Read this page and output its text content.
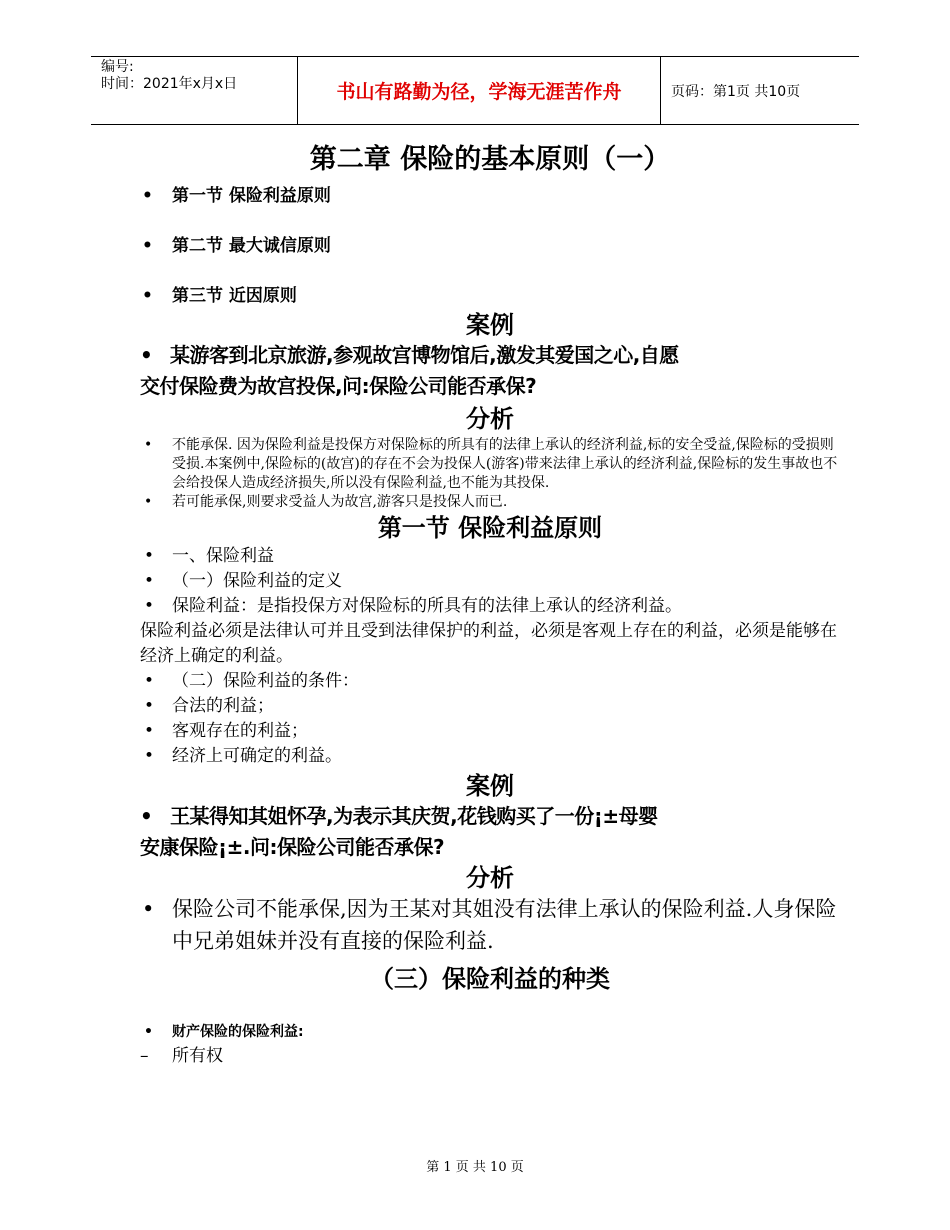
编号:
时间：2021年x月x日	书山有路勤为径，学海无涯苦作舟	页码：第1页 共10页
第二章 保险的基本原则（一）
• 第一节 保险利益原则
• 第二节 最大诚信原则
• 第三节 近因原则
案例
• 某游客到北京旅游,参观故宫博物馆后,激发其爱国之心,自愿
交付保险费为故宫投保,问:保险公司能否承保?
分析
• 不能承保. 因为保险利益是投保方对保险标的所具有的法律上承认的经济利益,标的安全受益,保险标的受损则受损.本案例中,保险标的(故宫)的存在不会为投保人(游客)带来法律上承认的经济利益,保险标的发生事故也不会给投保人造成经济损失,所以没有保险利益,也不能为其投保.
• 若可能承保,则要求受益人为故宫,游客只是投保人而已.
第一节 保险利益原则
• 一、保险利益
• （一）保险利益的定义
• 保险利益：是指投保方对保险标的所具有的法律上承认的经济利益。
保险利益必须是法律认可并且受到法律保护的利益，必须是客观上存在的利益，必须是能够在经济上确定的利益。
• （二）保险利益的条件：
• 合法的利益；
• 客观存在的利益；
• 经济上可确定的利益。
案例
• 王某得知其姐怀孕,为表示其庆贺,花钱购买了一份¡±母婴
安康保险¡±.问:保险公司能否承保?
分析
• 保险公司不能承保,因为王某对其姐没有法律上承认的保险利益.人身保险中兄弟姐妹并没有直接的保险利益.
（三）保险利益的种类
• 财产保险的保险利益:
– 所有权
第 1 页 共 10 页
